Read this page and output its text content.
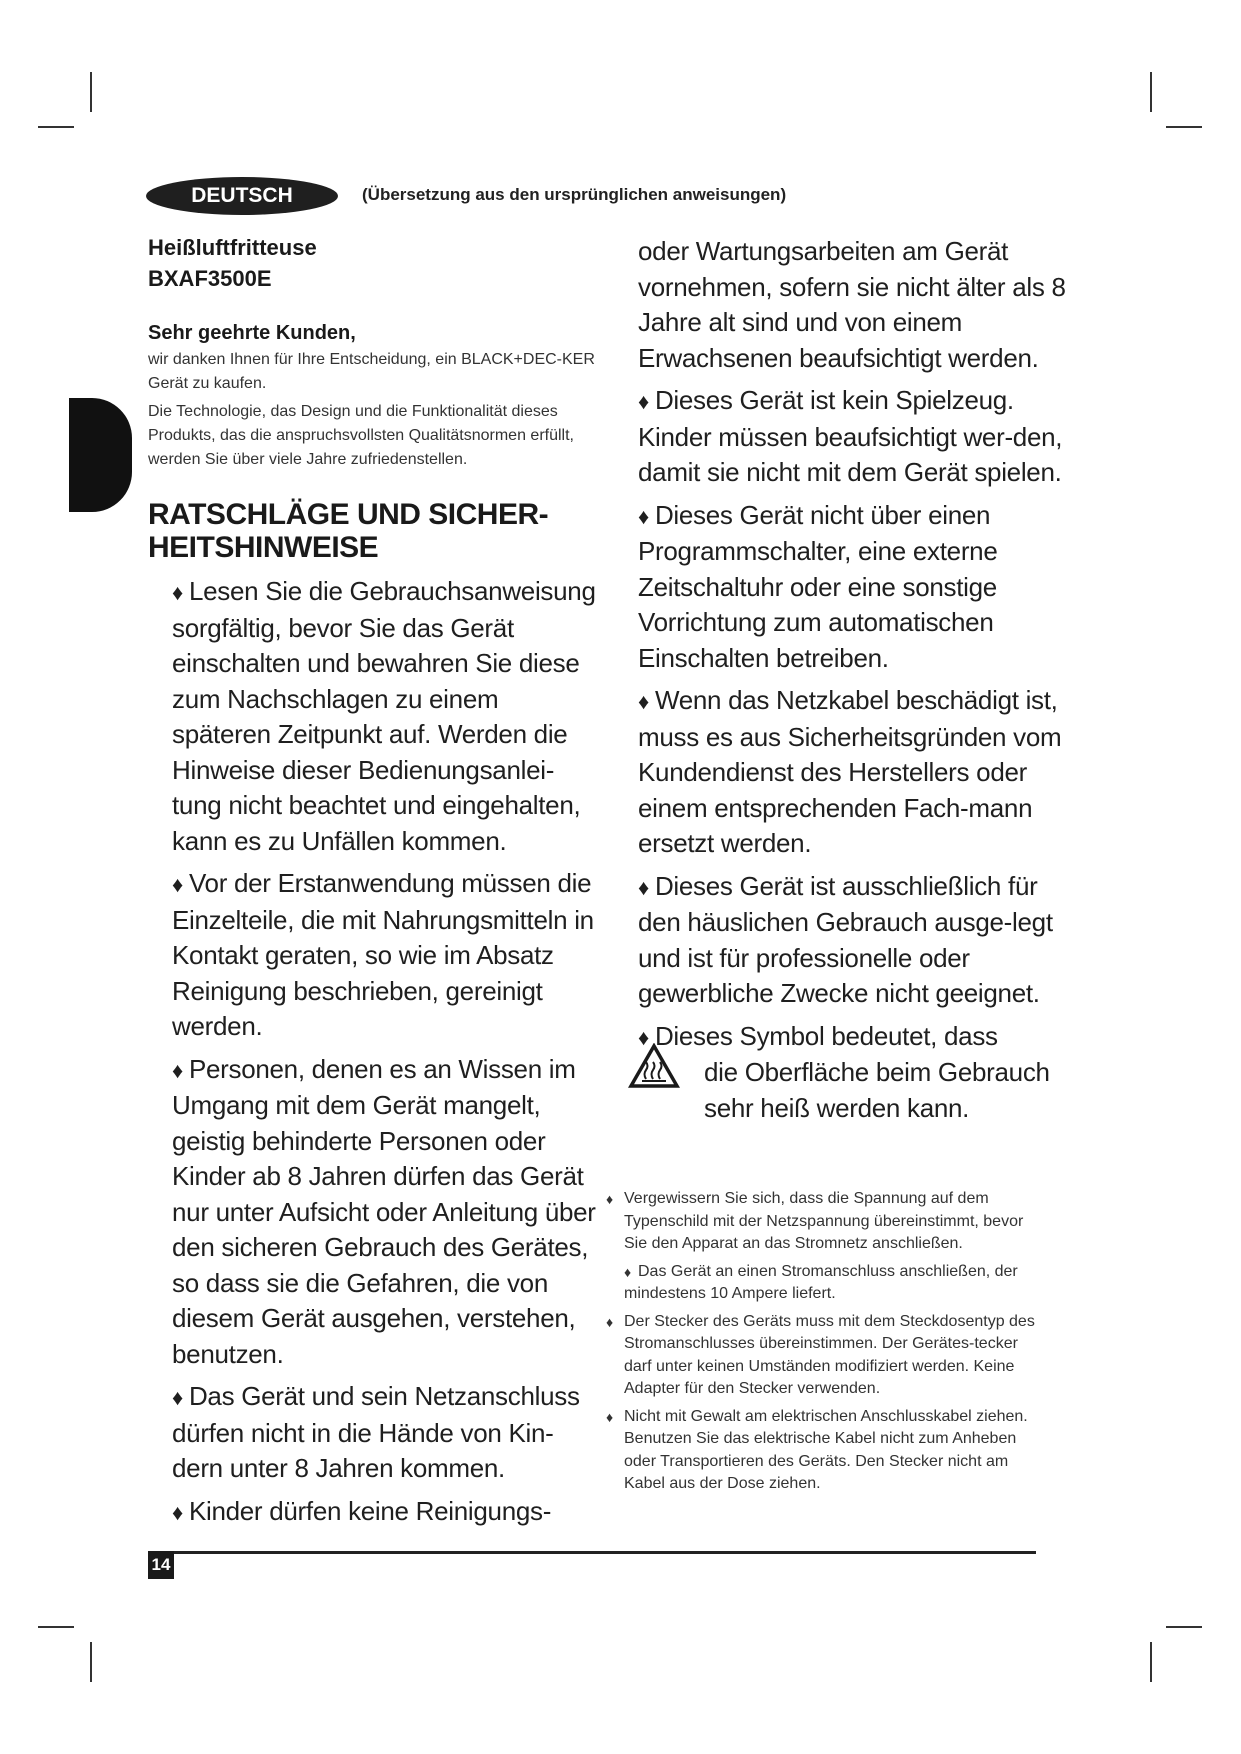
DEUTSCH	(Übersetzung aus den ursprünglichen anweisungen)
Heißluftfritteuse
BXAF3500E
Sehr geehrte Kunden,
wir danken Ihnen für Ihre Entscheidung, ein BLACK+DEC-KER Gerät zu kaufen.
Die Technologie, das Design und die Funktionalität dieses Produkts, das die anspruchsvollsten Qualitätsnormen erfüllt, werden Sie über viele Jahre zufriedenstellen.
RATSCHLÄGE UND SICHER-HEITSHINWEISE
♦ Lesen Sie die Gebrauchsanweisung sorgfältig, bevor Sie das Gerät einschalten und bewahren Sie diese zum Nachschlagen zu einem späteren Zeitpunkt auf. Werden die Hinweise dieser Bedienungsanlei-tung nicht beachtet und eingehalten, kann es zu Unfällen kommen.
♦ Vor der Erstanwendung müssen die Einzelteile, die mit Nahrungsmitteln in Kontakt geraten, so wie im Absatz Reinigung beschrieben, gereinigt werden.
♦ Personen, denen es an Wissen im Umgang mit dem Gerät mangelt, geistig behinderte Personen oder Kinder ab 8 Jahren dürfen das Gerät nur unter Aufsicht oder Anleitung über den sicheren Gebrauch des Gerätes, so dass sie die Gefahren, die von diesem Gerät ausgehen, verstehen, benutzen.
♦ Das Gerät und sein Netzanschluss dürfen nicht in die Hände von Kin-dern unter 8 Jahren kommen.
♦ Kinder dürfen keine Reinigungs-
oder Wartungsarbeiten am Gerät vornehmen, sofern sie nicht älter als 8 Jahre alt sind und von einem Erwachsenen beaufsichtigt werden.
♦ Dieses Gerät ist kein Spielzeug. Kinder müssen beaufsichtigt wer-den, damit sie nicht mit dem Gerät spielen.
♦ Dieses Gerät nicht über einen Programmschalter, eine externe Zeitschaltuhr oder eine sonstige Vorrichtung zum automatischen Einschalten betreiben.
♦ Wenn das Netzkabel beschädigt ist, muss es aus Sicherheitsgründen vom Kundendienst des Herstellers oder einem entsprechenden Fach-mann ersetzt werden.
♦ Dieses Gerät ist ausschließlich für den häuslichen Gebrauch ausge-legt und ist für professionelle oder gewerbliche Zwecke nicht geeignet.
♦ Dieses Symbol bedeutet, dass
die Oberfläche beim Gebrauch sehr heiß werden kann.
♦ Vergewissern Sie sich, dass die Spannung auf dem Typenschild mit der Netzspannung übereinstimmt, bevor Sie den Apparat an das Stromnetz anschließen.
♦ Das Gerät an einen Stromanschluss anschließen, der mindestens 10 Ampere liefert.
♦ Der Stecker des Geräts muss mit dem Steckdosentyp des Stromanschlusses übereinstimmen. Der Gerätes-tecker darf unter keinen Umständen modifiziert werden. Keine Adapter für den Stecker verwenden.
♦ Nicht mit Gewalt am elektrischen Anschlusskabel ziehen. Benutzen Sie das elektrische Kabel nicht zum Anheben oder Transportieren des Geräts. Den Stecker nicht am Kabel aus der Dose ziehen.
14
